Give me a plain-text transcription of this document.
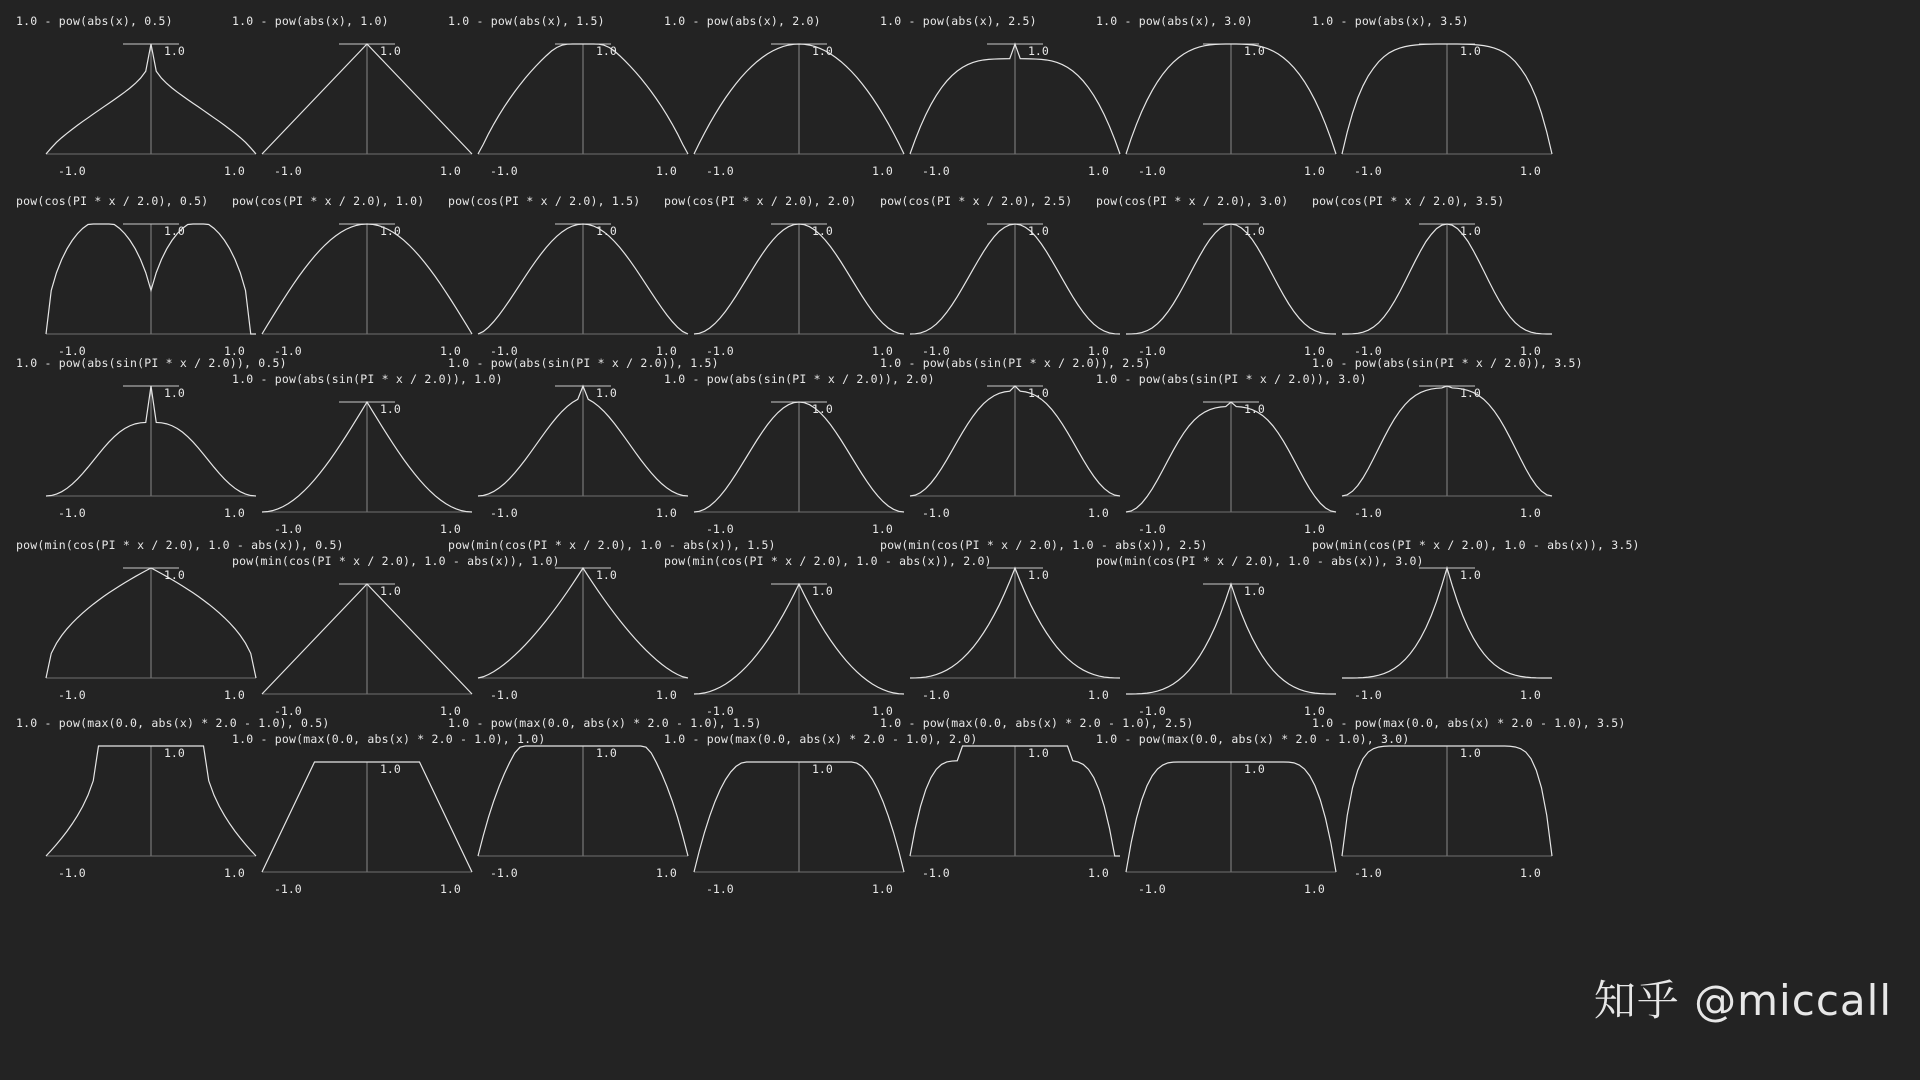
1.0 - pow(abs(x), 0.5)
1.0
-1.0	1.0
1.0 - pow(abs(x), 1.0)
1.0
-1.0	1.0
1.0 - pow(abs(x), 1.5)
1.0
-1.0	1.0
1.0 - pow(abs(x), 2.0)
1.0
-1.0	1.0
1.0 - pow(abs(x), 2.5)
1.0
-1.0	1.0
1.0 - pow(abs(x), 3.0)
1.0
-1.0	1.0
1.0 - pow(abs(x), 3.5)
1.0
-1.0	1.0
pow(cos(PI * x / 2.0), 0.5)
1.0
-1.0	1.0
pow(cos(PI * x / 2.0), 1.0)
1.0
-1.0	1.0
pow(cos(PI * x / 2.0), 1.5)
1.0
-1.0	1.0
pow(cos(PI * x / 2.0), 2.0)
1.0
-1.0	1.0
pow(cos(PI * x / 2.0), 2.5)
1.0
-1.0	1.0
pow(cos(PI * x / 2.0), 3.0)
1.0
-1.0	1.0
pow(cos(PI * x / 2.0), 3.5)
1.0
-1.0	1.0
1.0 - pow(abs(sin(PI * x / 2.0)), 0.5)
1.0
-1.0	1.0
1.0 - pow(abs(sin(PI * x / 2.0)), 1.0)
1.0
-1.0	1.0
1.0 - pow(abs(sin(PI * x / 2.0)), 1.5)
1.0
-1.0	1.0
1.0 - pow(abs(sin(PI * x / 2.0)), 2.0)
1.0
-1.0	1.0
1.0 - pow(abs(sin(PI * x / 2.0)), 2.5)
1.0
-1.0	1.0
1.0 - pow(abs(sin(PI * x / 2.0)), 3.0)
1.0
-1.0	1.0
1.0 - pow(abs(sin(PI * x / 2.0)), 3.5)
1.0
-1.0	1.0
pow(min(cos(PI * x / 2.0), 1.0 - abs(x)), 0.5)
1.0
-1.0	1.0
pow(min(cos(PI * x / 2.0), 1.0 - abs(x)), 1.0)
1.0
-1.0	1.0
pow(min(cos(PI * x / 2.0), 1.0 - abs(x)), 1.5)
1.0
-1.0	1.0
pow(min(cos(PI * x / 2.0), 1.0 - abs(x)), 2.0)
1.0
-1.0	1.0
pow(min(cos(PI * x / 2.0), 1.0 - abs(x)), 2.5)
1.0
-1.0	1.0
pow(min(cos(PI * x / 2.0), 1.0 - abs(x)), 3.0)
1.0
-1.0	1.0
pow(min(cos(PI * x / 2.0), 1.0 - abs(x)), 3.5)
1.0
-1.0	1.0
1.0 - pow(max(0.0, abs(x) * 2.0 - 1.0), 0.5)
1.0
-1.0	1.0
1.0 - pow(max(0.0, abs(x) * 2.0 - 1.0), 1.0)
1.0
-1.0	1.0
1.0 - pow(max(0.0, abs(x) * 2.0 - 1.0), 1.5)
1.0
-1.0	1.0
1.0 - pow(max(0.0, abs(x) * 2.0 - 1.0), 2.0)
1.0
-1.0	1.0
1.0 - pow(max(0.0, abs(x) * 2.0 - 1.0), 2.5)
1.0
-1.0	1.0
1.0 - pow(max(0.0, abs(x) * 2.0 - 1.0), 3.0)
1.0
-1.0	1.0
1.0 - pow(max(0.0, abs(x) * 2.0 - 1.0), 3.5)
1.0
-1.0	1.0
知乎 @miccall
